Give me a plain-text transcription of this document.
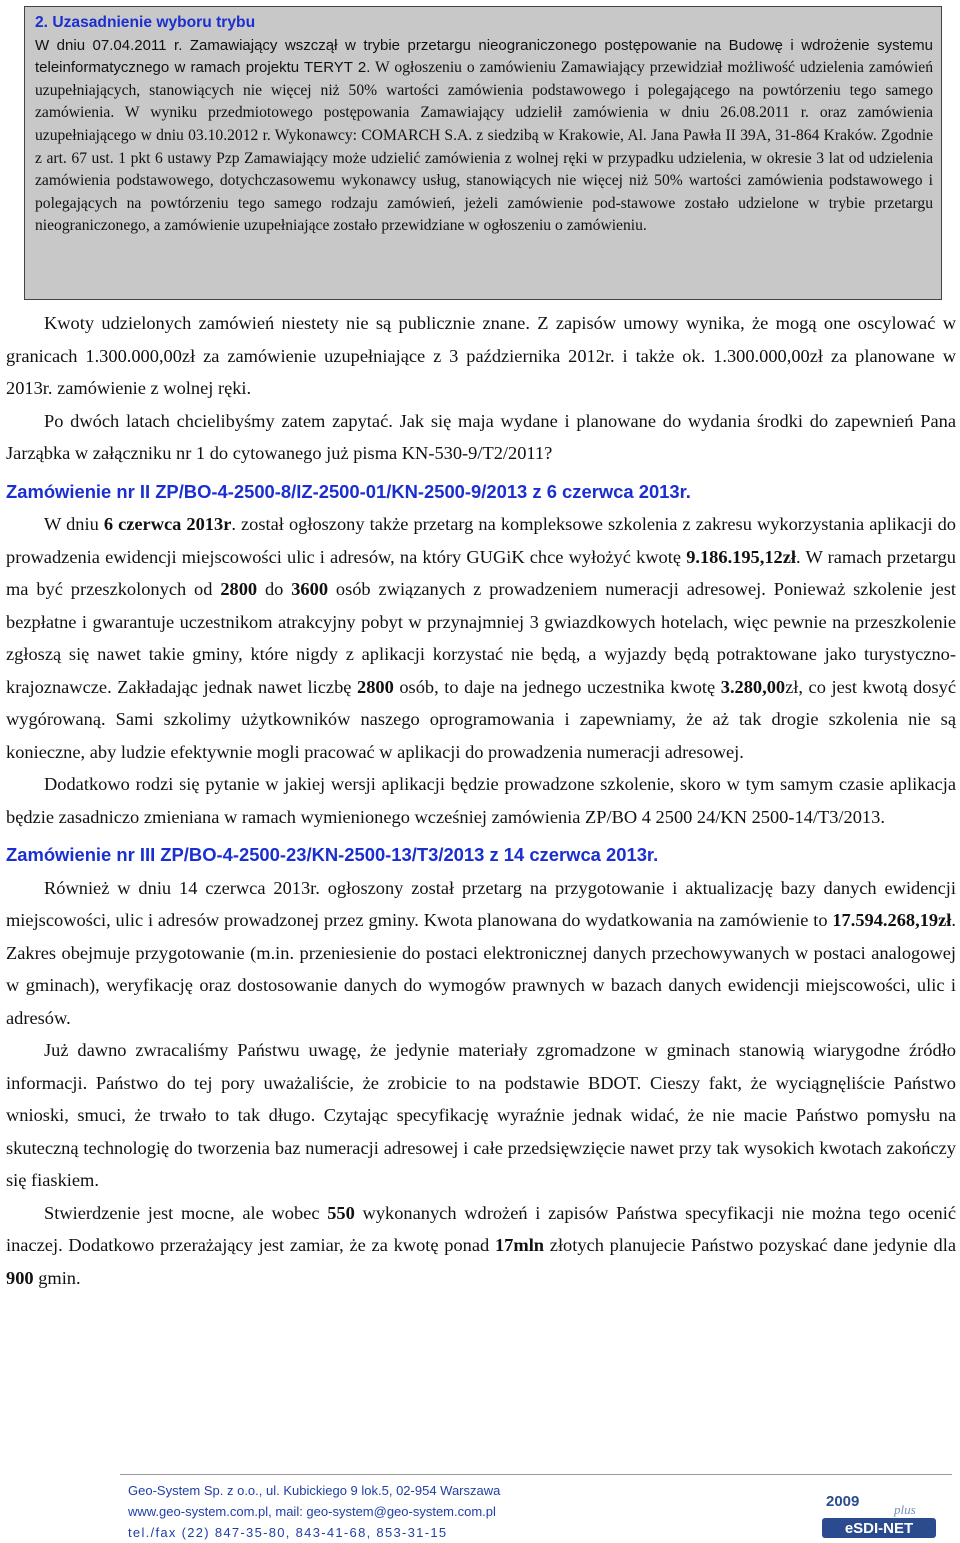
2. Uzasadnienie wyboru trybu
W dniu 07.04.2011 r. Zamawiający wszczął w trybie przetargu nieograniczonego postępowanie na Budowę i wdrożenie systemu teleinformatycznego w ramach projektu TERYT 2. W ogłoszeniu o zamówieniu Zamawiający przewidział możliwość udzielenia zamówień uzupełniających, stanowiących nie więcej niż 50% wartości zamówienia podstawowego i polegającego na powtórzeniu tego samego zamówienia. W wyniku przedmiotowego postępowania Zamawiający udzielił zamówienia w dniu 26.08.2011 r. oraz zamówienia uzupełniającego w dniu 03.10.2012 r. Wykonawcy: COMARCH S.A. z siedzibą w Krakowie, Al. Jana Pawła II 39A, 31-864 Kraków. Zgodnie z art. 67 ust. 1 pkt 6 ustawy Pzp Zamawiający może udzielić zamówienia z wolnej ręki w przypadku udzielenia, w okresie 3 lat od udzielenia zamówienia podstawowego, dotychczasowemu wykonawcy usług, stanowiących nie więcej niż 50% wartości zamówienia podstawowego i polegających na powtórzeniu tego samego rodzaju zamówień, jeżeli zamówienie pod-stawowe zostało udzielone w trybie przetargu nieograniczonego, a zamówienie uzupełniające zostało przewidziane w ogłoszeniu o zamówieniu.

Kwoty udzielonych zamówień niestety nie są publicznie znane. Z zapisów umowy wynika, że mogą one oscylować w granicach 1.300.000,00zł za zamówienie uzupełniające z 3 października 2012r. i także ok. 1.300.000,00zł za planowane w 2013r. zamówienie z wolnej ręki.

Po dwóch latach chcielibyśmy zatem zapytać. Jak się maja wydane i planowane do wydania środki do zapewnień Pana Jarząbka w załączniku nr 1 do cytowanego już pisma KN-530-9/T2/2011?

Zamówienie nr II ZP/BO-4-2500-8/IZ-2500-01/KN-2500-9/2013 z 6 czerwca 2013r.

W dniu 6 czerwca 2013r. został ogłoszony także przetarg na kompleksowe szkolenia z zakresu wykorzystania aplikacji do prowadzenia ewidencji miejscowości ulic i adresów, na który GUGiK chce wyłożyć kwotę 9.186.195,12zł. W ramach przetargu ma być przeszkolonych od 2800 do 3600 osób związanych z prowadzeniem numeracji adresowej. Ponieważ szkolenie jest bezpłatne i gwarantuje uczestnikom atrakcyjny pobyt w przynajmniej 3 gwiazdkowych hotelach, więc pewnie na przeszkolenie zgłoszą się nawet takie gminy, które nigdy z aplikacji korzystać nie będą, a wyjazdy będą potraktowane jako turystyczno-krajoznawcze. Zakładając jednak nawet liczbę 2800 osób, to daje na jednego uczestnika kwotę 3.280,00zł, co jest kwotą dosyć wygórowaną. Sami szkolimy użytkowników naszego oprogramowania i zapewniamy, że aż tak drogie szkolenia nie są konieczne, aby ludzie efektywnie mogli pracować w aplikacji do prowadzenia numeracji adresowej.

Dodatkowo rodzi się pytanie w jakiej wersji aplikacji będzie prowadzone szkolenie, skoro w tym samym czasie aplikacja będzie zasadniczo zmieniana w ramach wymienionego wcześniej zamówienia ZP/BO 4 2500 24/KN 2500-14/T3/2013.

Zamówienie nr III ZP/BO-4-2500-23/KN-2500-13/T3/2013 z 14 czerwca 2013r.

Również w dniu 14 czerwca 2013r. ogłoszony został przetarg na przygotowanie i aktualizację bazy danych ewidencji miejscowości, ulic i adresów prowadzonej przez gminy. Kwota planowana do wydatkowania na zamówienie to 17.594.268,19zł. Zakres obejmuje przygotowanie (m.in. przeniesienie do postaci elektronicznej danych przechowywanych w postaci analogowej w gminach), weryfikację oraz dostosowanie danych do wymogów prawnych w bazach danych ewidencji miejscowości, ulic i adresów.

Już dawno zwracaliśmy Państwu uwagę, że jedynie materiały zgromadzone w gminach stanowią wiarygodne źródło informacji. Państwo do tej pory uważaliście, że zrobicie to na podstawie BDOT. Cieszy fakt, że wyciągnęliście Państwo wnioski, smuci, że trwało to tak długo. Czytając specyfikację wyraźnie jednak widać, że nie macie Państwo pomysłu na skuteczną technologię do tworzenia baz numeracji adresowej i całe przedsięwzięcie nawet przy tak wysokich kwotach zakończy się fiaskiem.

Stwierdzenie jest mocne, ale wobec 550 wykonanych wdrożeń i zapisów Państwa specyfikacji nie można tego ocenić inaczej. Dodatkowo przerażający jest zamiar, że za kwotę ponad 17mln złotych planujecie Państwo pozyskać dane jedynie dla 900 gmin.

Geo-System Sp. z o.o., ul. Kubickiego 9 lok.5, 02-954 Warszawa
www.geo-system.com.pl, mail: geo-system@geo-system.com.pl
tel./fax (22) 847-35-80, 843-41-68, 853-31-15
2009	plus
eSDI-NET
